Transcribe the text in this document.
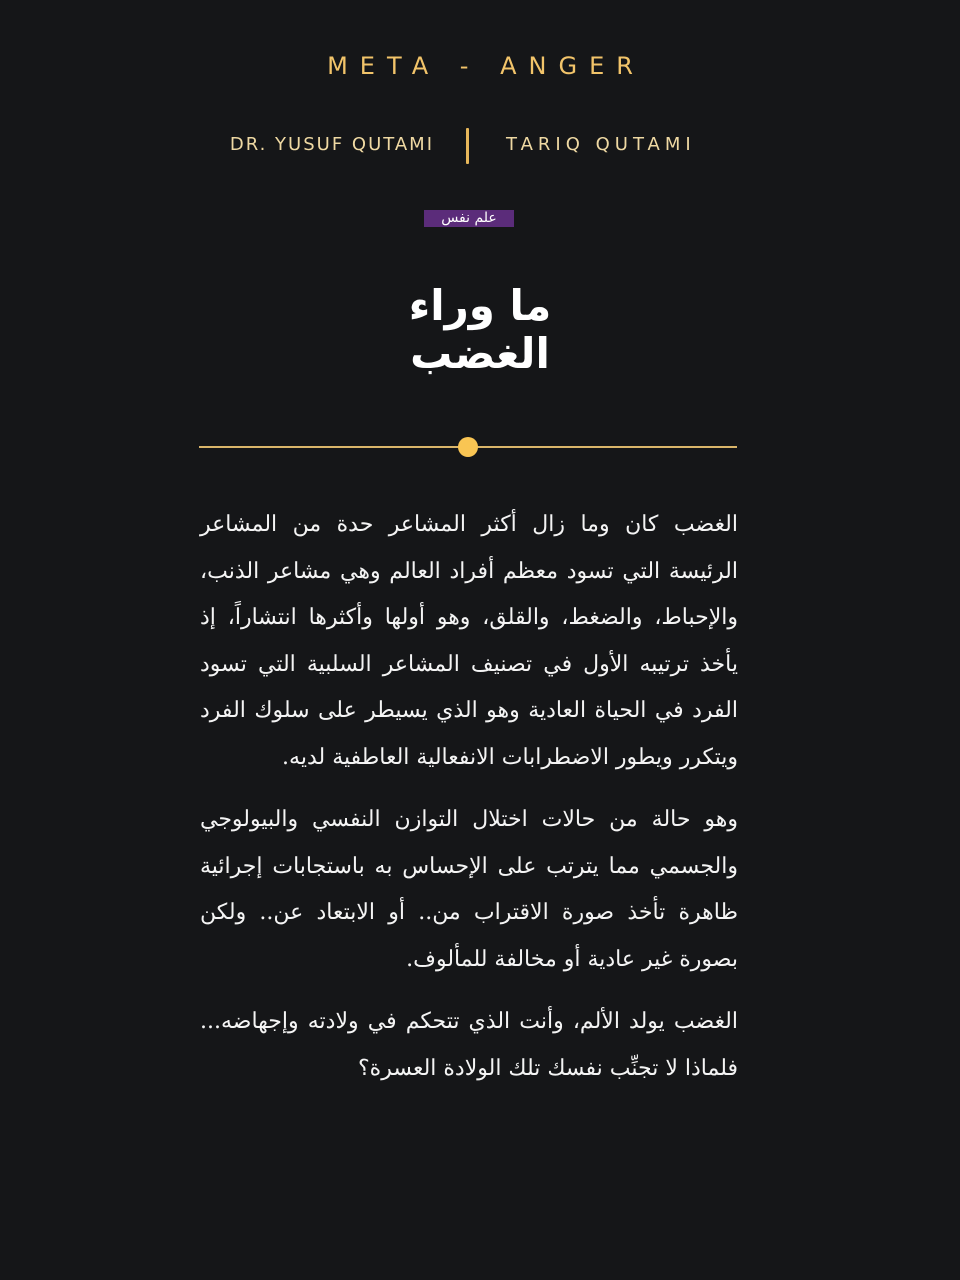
META - ANGER
DR. YUSUF QUTAMI	TARIQ QUTAMI
علم نفس
ما وراء
الغضب

الغضب كان وما زال أكثر المشاعر حدة من المشاعر الرئيسة التي تسود معظم أفراد العالم وهي مشاعر الذنب، والإحباط، والضغط، والقلق، وهو أولها وأكثرها انتشاراً، إذ يأخذ ترتيبه الأول في تصنيف المشاعر السلبية التي تسود الفرد في الحياة العادية وهو الذي يسيطر على سلوك الفرد ويتكرر ويطور الاضطرابات الانفعالية العاطفية لديه.

وهو حالة من حالات اختلال التوازن النفسي والبيولوجي والجسمي مما يترتب على الإحساس به باستجابات إجرائية ظاهرة تأخذ صورة الاقتراب من.. أو الابتعاد عن.. ولكن بصورة غير عادية أو مخالفة للمألوف.

الغضب يولد الألم، وأنت الذي تتحكم في ولادته وإجهاضه... فلماذا لا تجنِّب نفسك تلك الولادة العسرة؟
